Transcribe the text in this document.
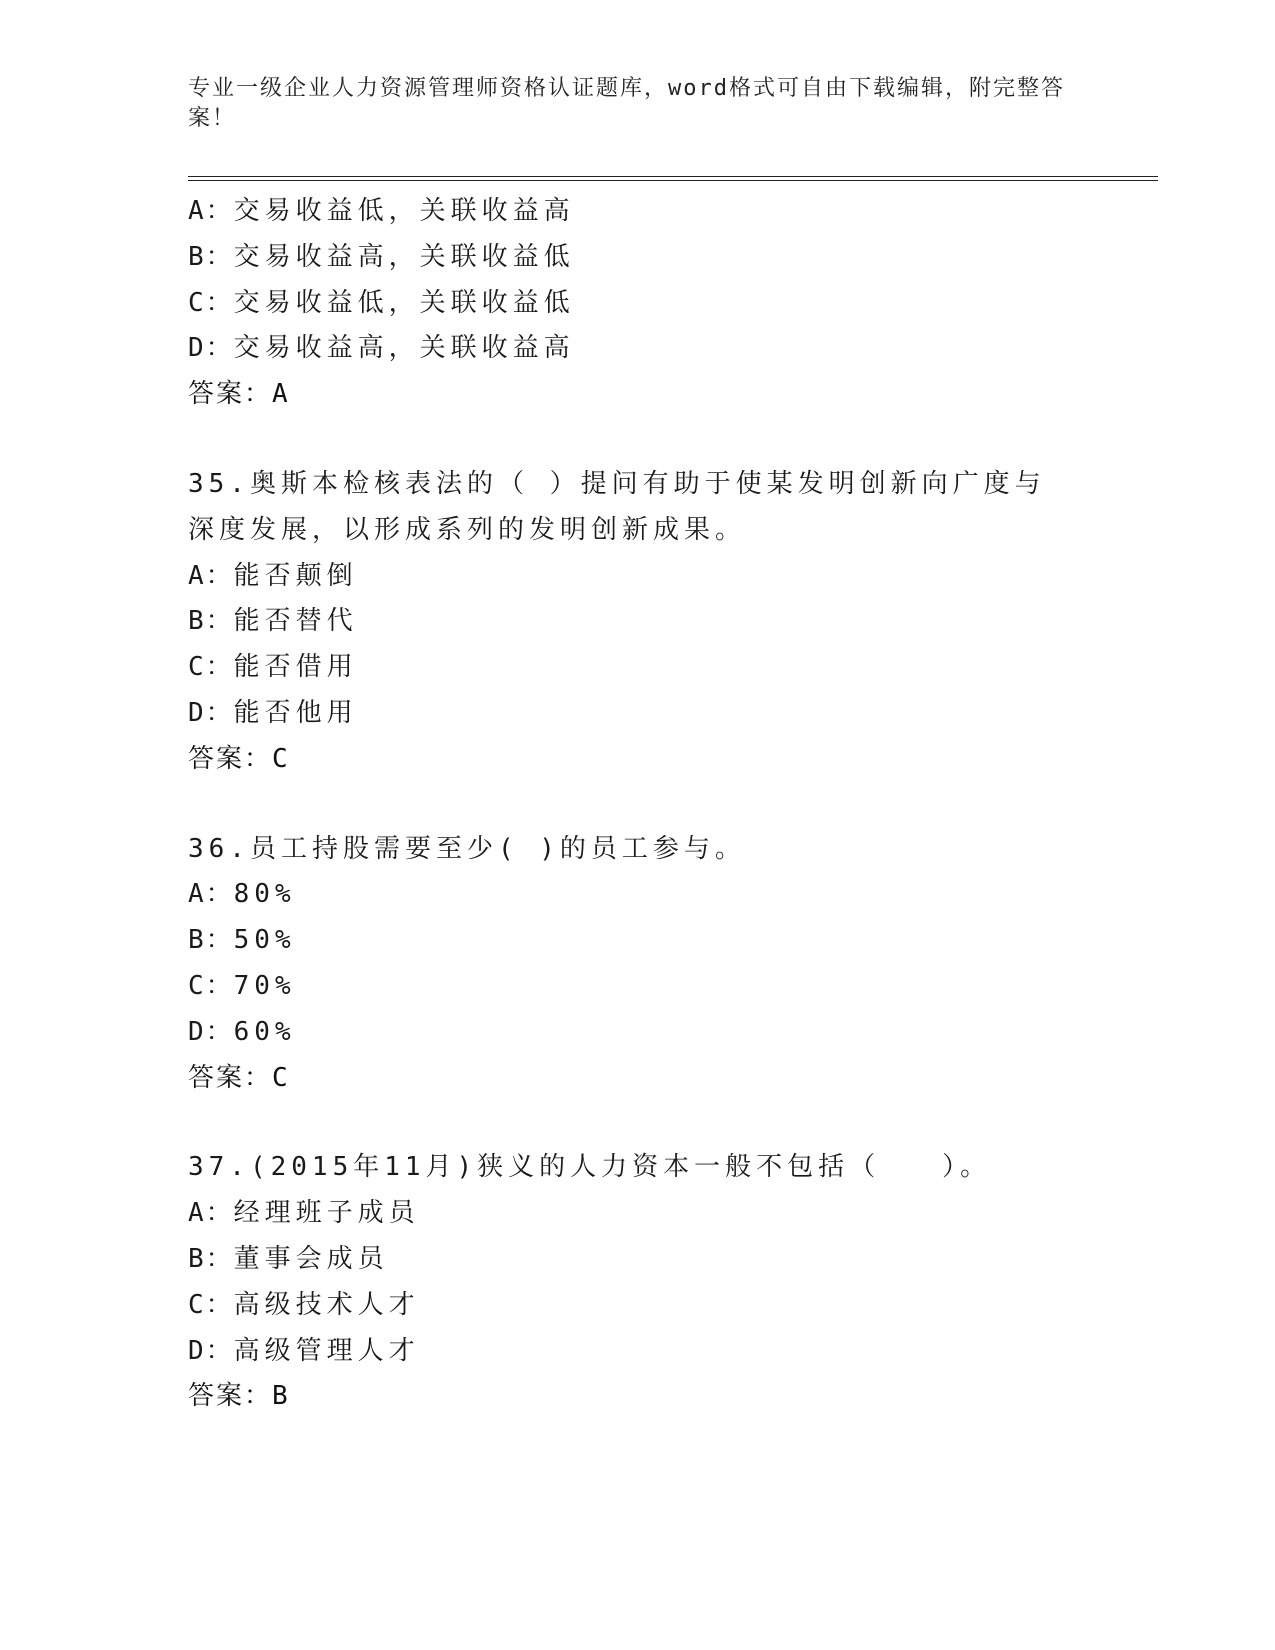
专业一级企业人力资源管理师资格认证题库，word格式可自由下载编辑，附完整答案！
A：交易收益低，关联收益高
B：交易收益高，关联收益低
C：交易收益低，关联收益低
D：交易收益高，关联收益高
答案：A
35.奥斯本检核表法的（ ）提问有助于使某发明创新向广度与深度发展，以形成系列的发明创新成果。
A：能否颠倒
B：能否替代
C：能否借用
D：能否他用
答案：C
36.员工持股需要至少( )的员工参与。
A：80%
B：50%
C：70%
D：60%
答案：C
37.(2015年11月)狭义的人力资本一般不包括（　　）。
A：经理班子成员
B：董事会成员
C：高级技术人才
D：高级管理人才
答案：B
